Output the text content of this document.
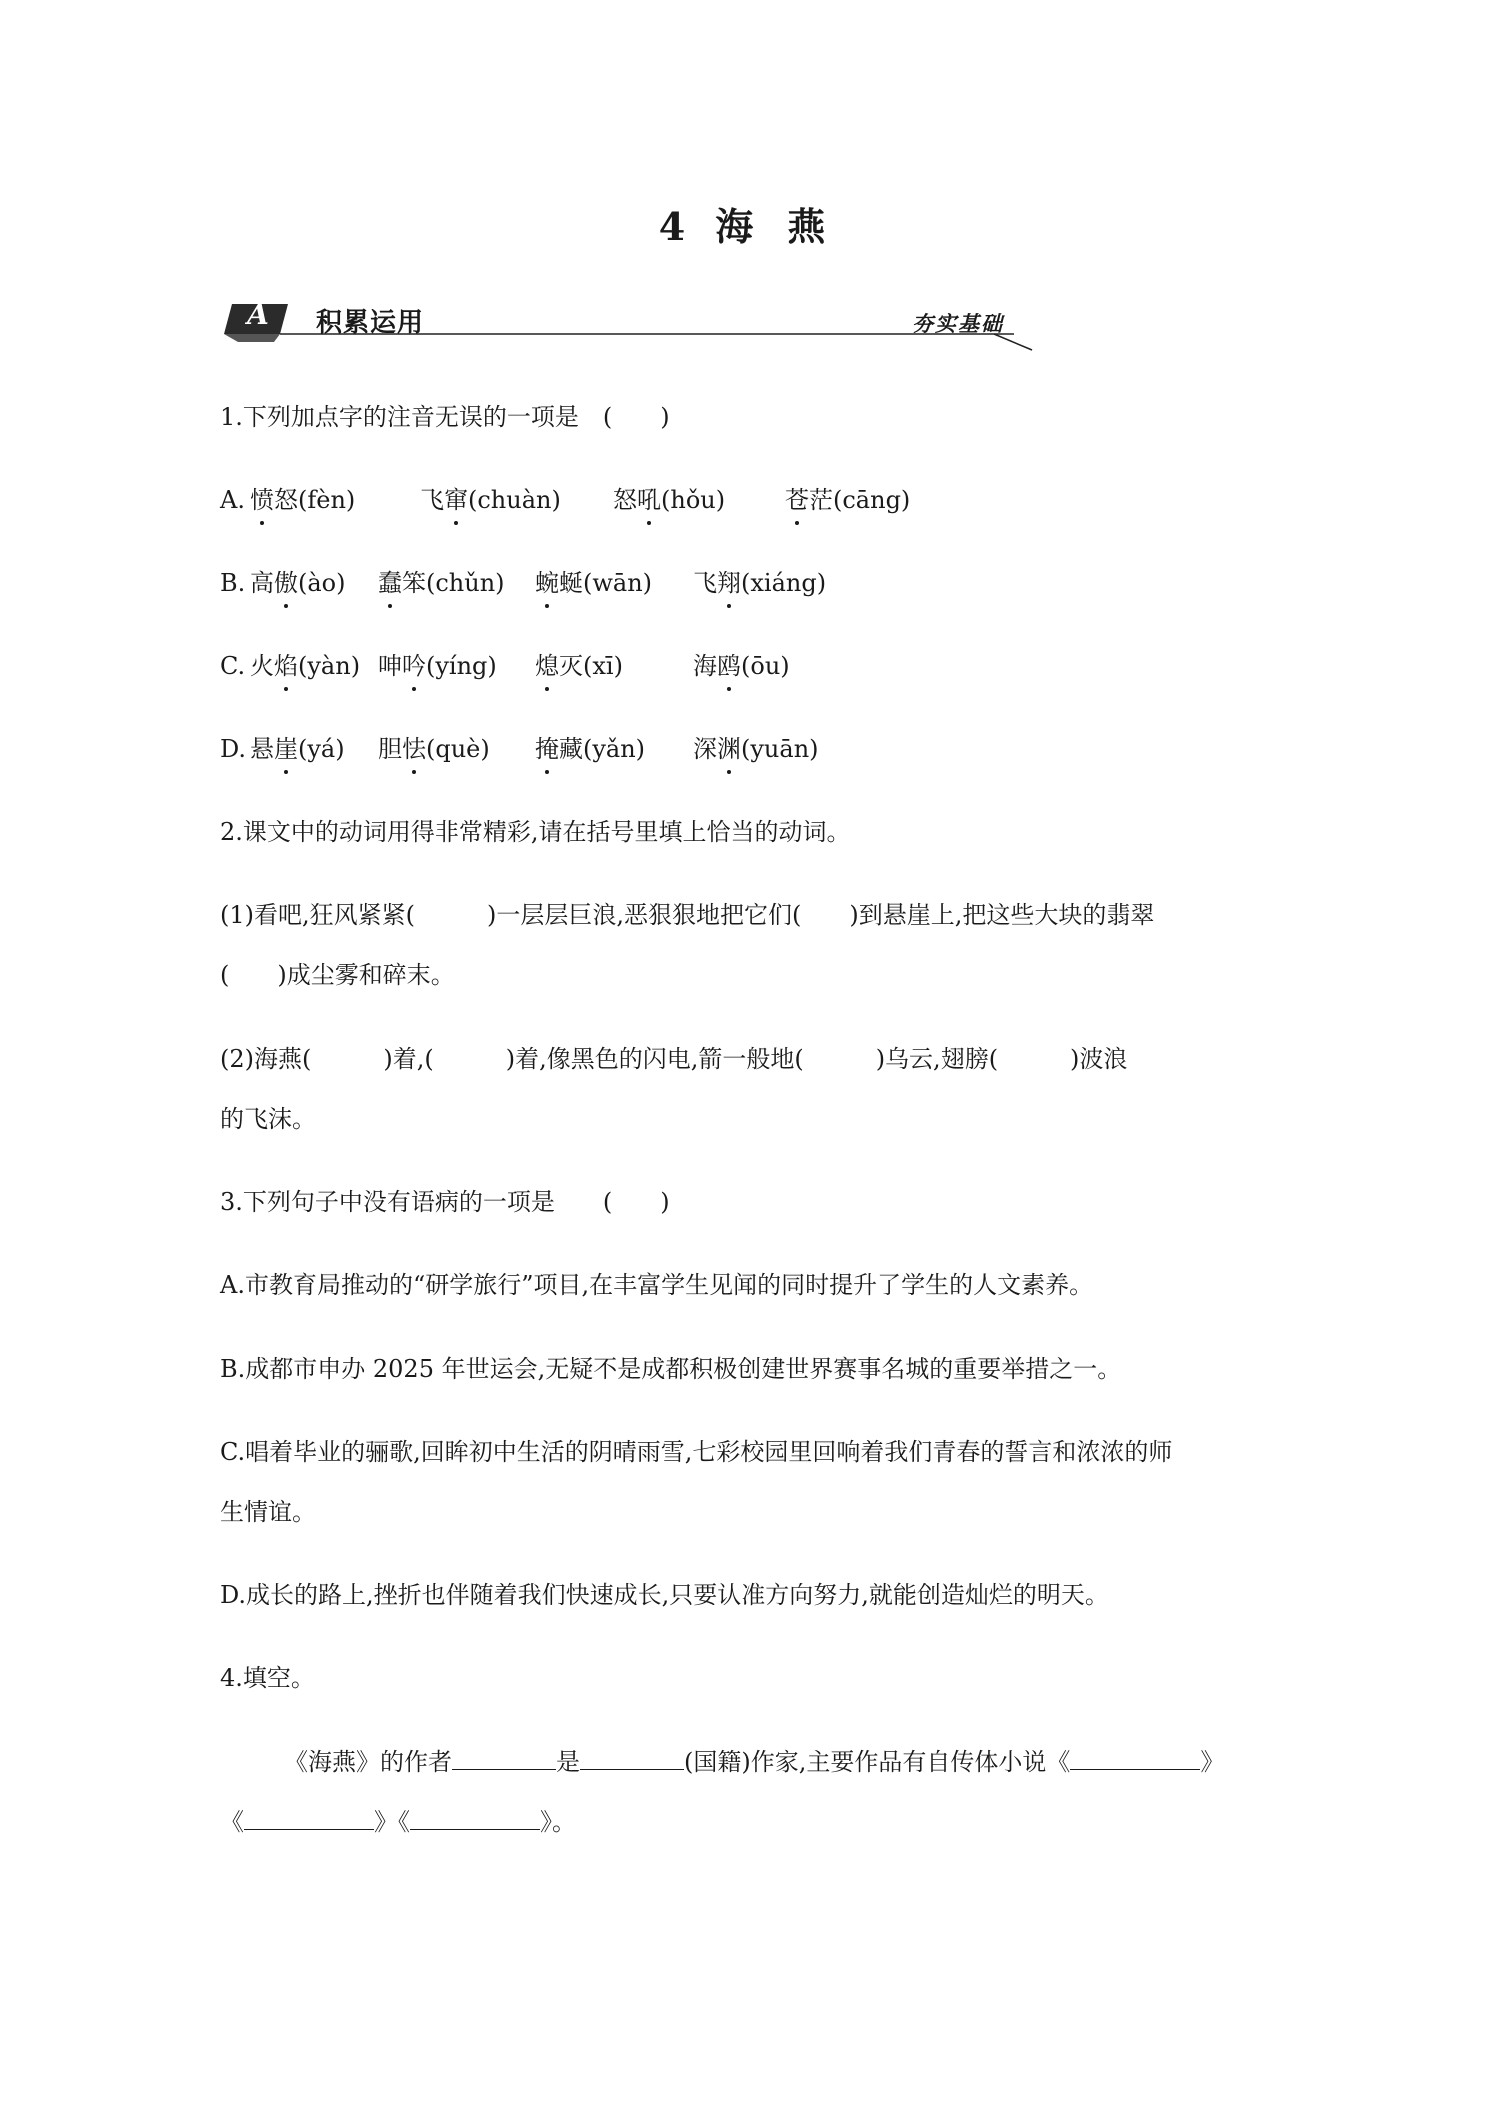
4 海 燕
A	积累运用	夯实基础
1.下列加点字的注音无误的一项是　(　　)
A. 愤怒(fèn)	飞窜(chuàn) 怒吼(hǒu) 苍茫(cāng)
B. 高傲(ào) 蠢笨(chǔn) 蜿蜒(wān) 飞翔(xiáng)
C. 火焰(yàn) 呻吟(yíng) 熄灭(xī)	海鸥(ōu)
D. 悬崖(yá) 胆怯(què) 掩藏(yǎn) 深渊(yuān)
2.课文中的动词用得非常精彩,请在括号里填上恰当的动词。
(1)看吧,狂风紧紧(　　　)一层层巨浪,恶狠狠地把它们(　　)到悬崖上,把这些大块的翡翠
(　　)成尘雾和碎末。
(2)海燕(　　　)着,(　　　)着,像黑色的闪电,箭一般地(　　　)乌云,翅膀(　　　)波浪
的飞沫。
3.下列句子中没有语病的一项是　　(　　)
A.市教育局推动的“研学旅行”项目,在丰富学生见闻的同时提升了学生的人文素养。
B.成都市申办 2025 年世运会,无疑不是成都积极创建世界赛事名城的重要举措之一。
C.唱着毕业的骊歌,回眸初中生活的阴晴雨雪,七彩校园里回响着我们青春的誓言和浓浓的师
生情谊。
D.成长的路上,挫折也伴随着我们快速成长,只要认准方向努力,就能创造灿烂的明天。
4.填空。
《海燕》的作者	是	(国籍)作家,主要作品有自传体小说《	》
《	》《	》。
